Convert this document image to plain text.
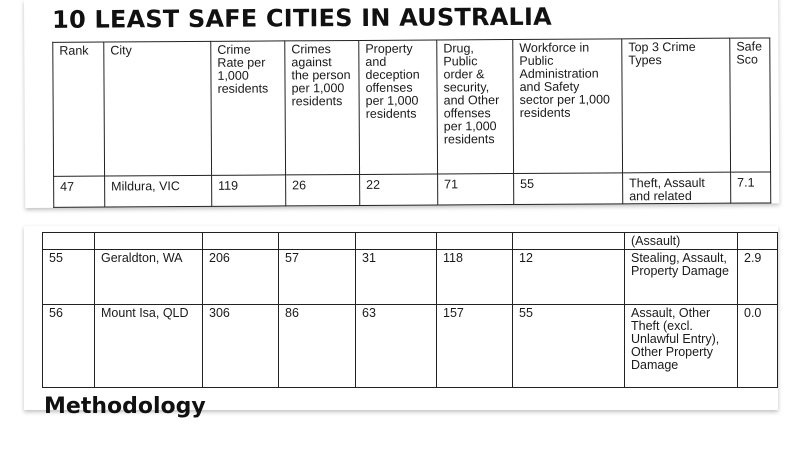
10 LEAST SAFE CITIES IN AUSTRALIA
Rank	City	Crime Rate per 1,000 residents	Crimes against the person per 1,000 residents	Property and deception offenses per 1,000 residents	Drug, Public order & security, and Other offenses per 1,000 residents	Workforce in Public Administration and Safety sector per 1,000 residents	Top 3 Crime Types	Safe Sco
47	Mildura, VIC	119	26	22	71	55	Theft, Assault and related	7.1
							(Assault)	
55	Geraldton, WA	206	57	31	118	12	Stealing, Assault, Property Damage	2.9
56	Mount Isa, QLD	306	86	63	157	55	Assault, Other Theft (excl. Unlawful Entry), Other Property Damage	0.0
Methodology
